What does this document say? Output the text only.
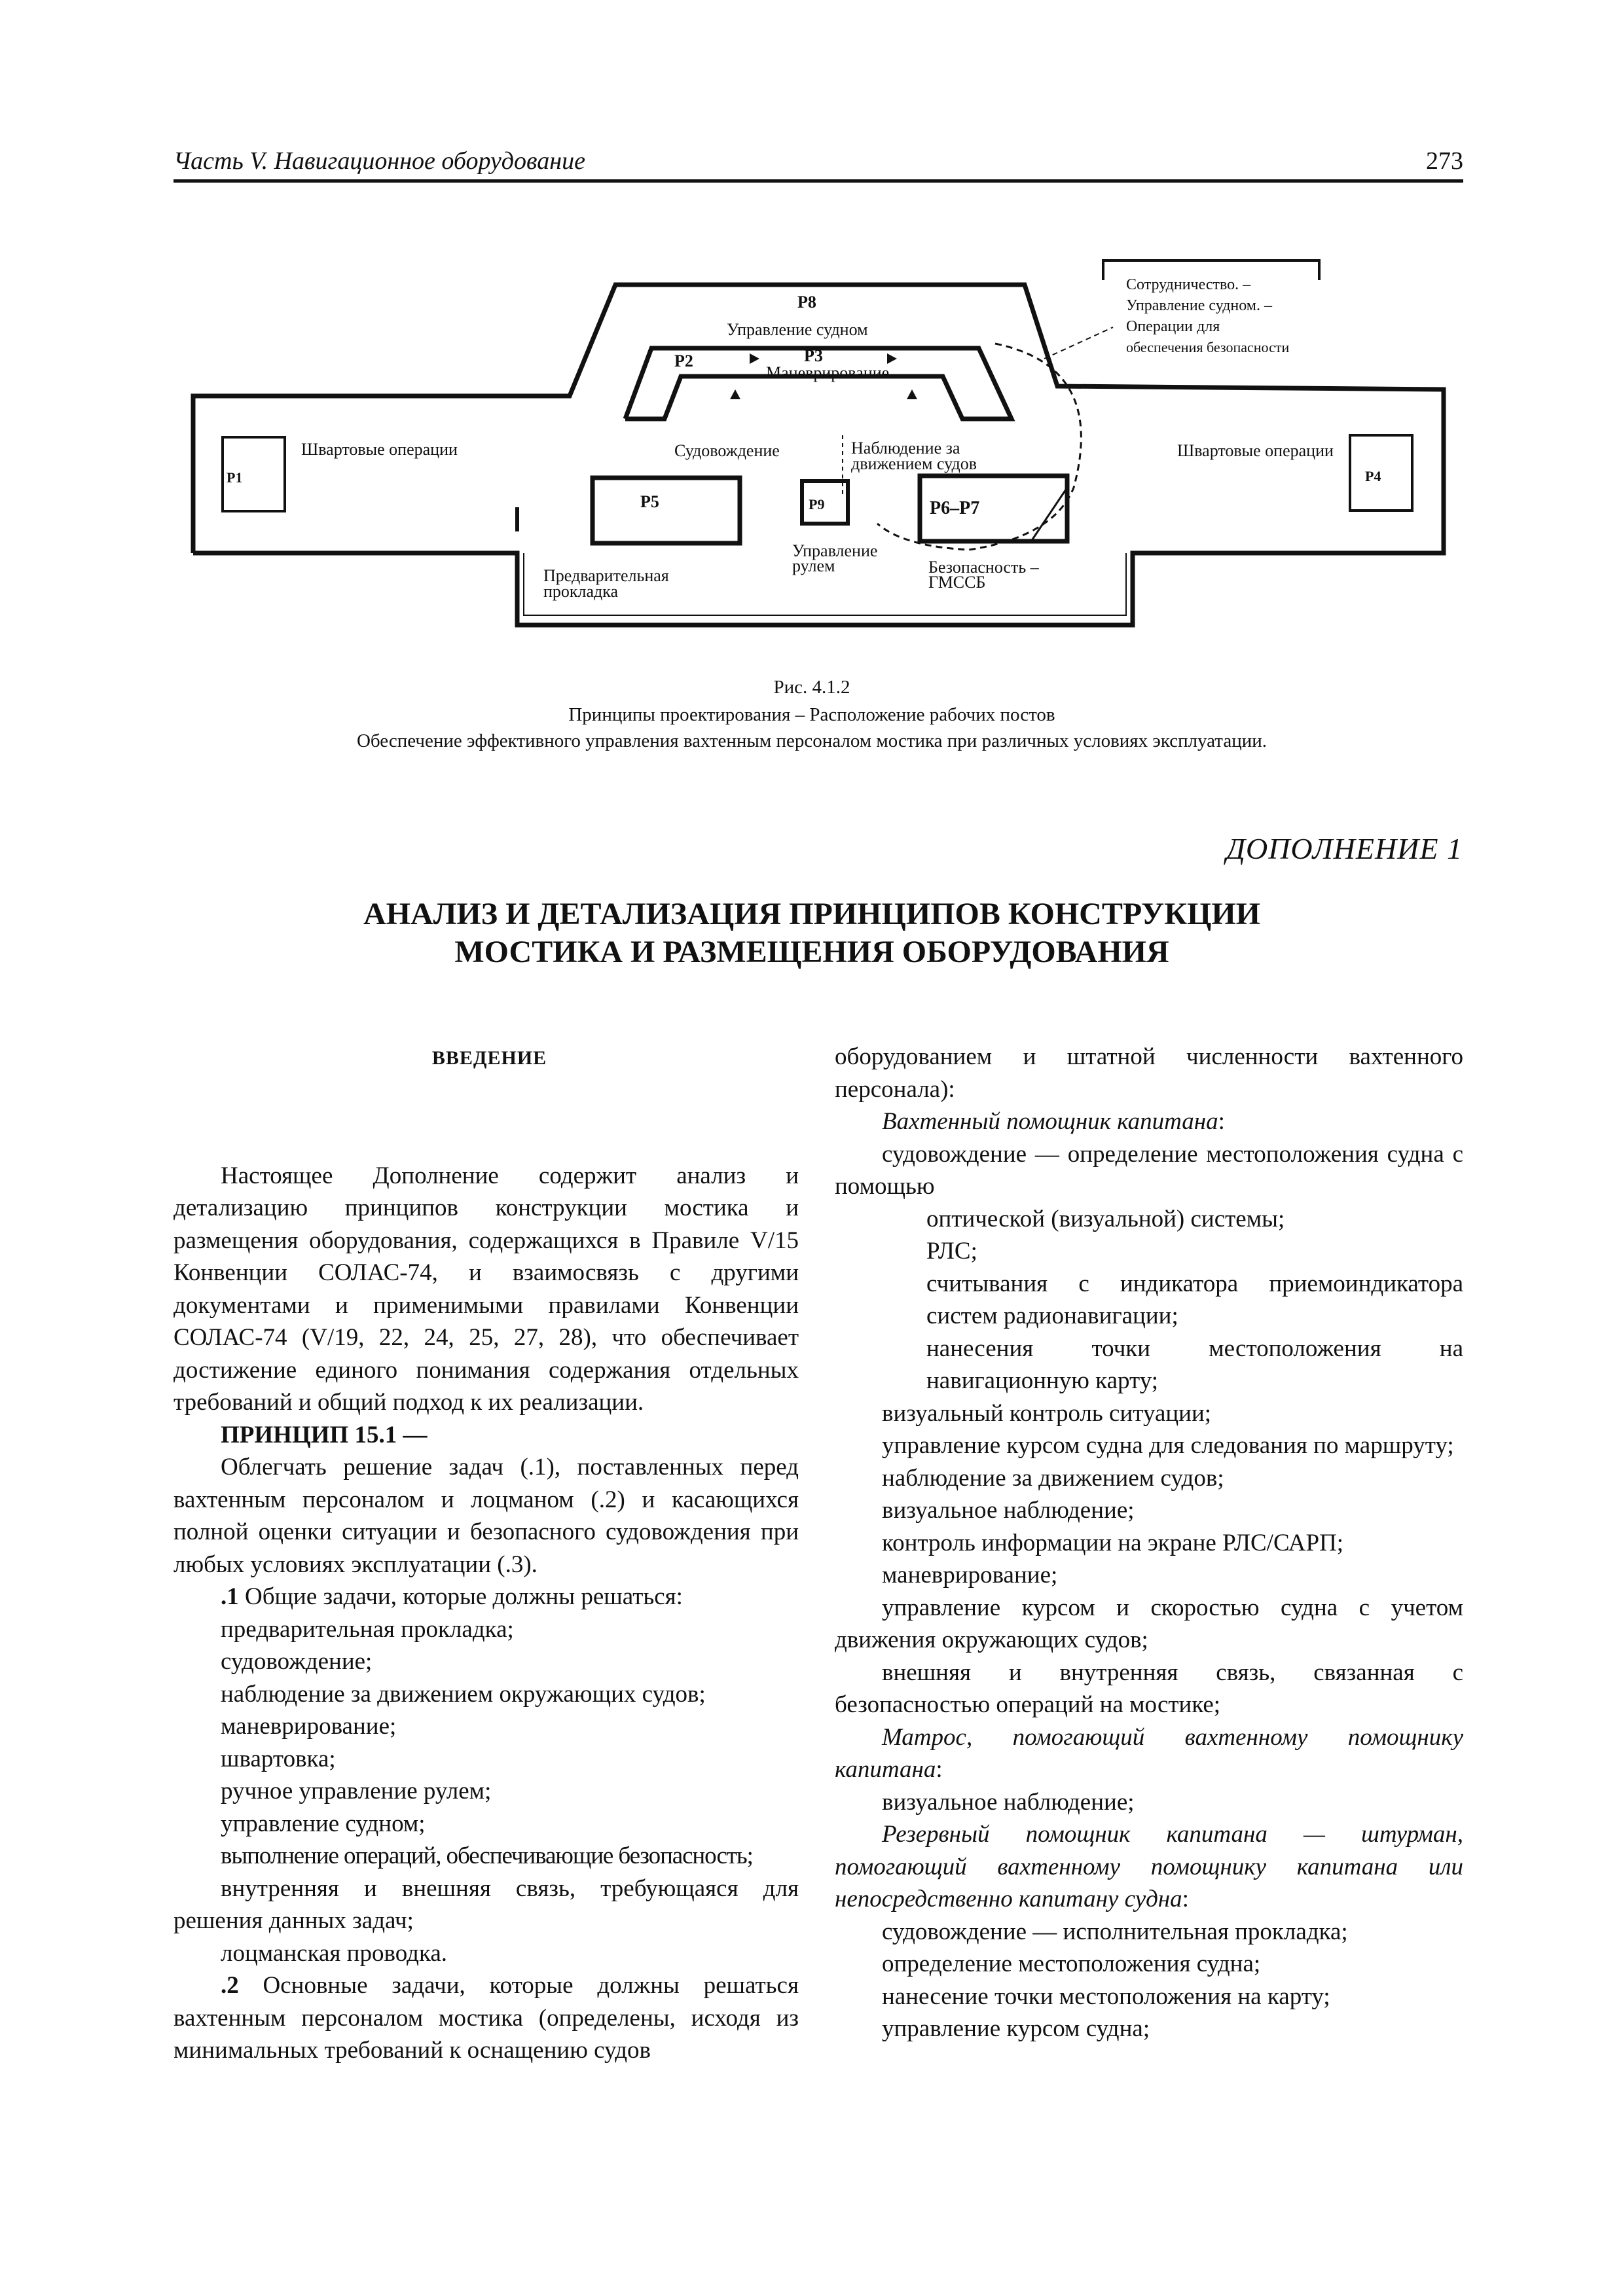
Часть V. Навигационное оборудование	273
Сотрудничество. –
Управление судном. –
Операции для
обеспечения безопасности
Р8
Управление судном
Р2	Р3
Маневрирование
Швартовые операции
Р1
Судовождение	Наблюдение за
движением судов
Швартовые операции
Р4
Р5	Р9	Р6–Р7
Управление
рулем	Безопасность –
ГМССБ
Предварительная
прокладка
Рис. 4.1.2
Принципы проектирования – Расположение рабочих постов
Обеспечение эффективного управления вахтенным персоналом мостика при различных условиях эксплуатации.
ДОПОЛНЕНИЕ 1
АНАЛИЗ И ДЕТАЛИЗАЦИЯ ПРИНЦИПОВ КОНСТРУКЦИИ
МОСТИКА И РАЗМЕЩЕНИЯ ОБОРУДОВАНИЯ

ВВЕДЕНИЕ

Настоящее Дополнение содержит анализ и детализацию принципов конструкции мостика и размещения оборудования, содержащихся в Правиле V/15 Конвенции СОЛАС-74, и взаимосвязь с другими документами и применимыми правилами Конвенции СОЛАС-74 (V/19, 22, 24, 25, 27, 28), что обеспечивает достижение единого понимания содержания отдельных требований и общий подход к их реализации.

ПРИНЦИП 15.1 —

Облегчать решение задач (.1), поставленных перед вахтенным персоналом и лоцманом (.2) и касающихся полной оценки ситуации и безопасного судовождения при любых условиях эксплуатации (.3).

.1 Общие задачи, которые должны решаться:

предварительная прокладка;

судовождение;

наблюдение за движением окружающих судов;

маневрирование;

швартовка;

ручное управление рулем;

управление судном;

выполнение операций, обеспечивающие безопасность;

внутренняя и внешняя связь, требующаяся для решения данных задач;

лоцманская проводка.

.2 Основные задачи, которые должны решаться вахтенным персоналом мостика (определены, исходя из минимальных требований к оснащению судов

оборудованием и штатной численности вахтенного персонала):

Вахтенный помощник капитана:

судовождение — определение местоположения судна с помощью

оптической (визуальной) системы;

РЛС;

считывания с индикатора приемоиндикатора систем радионавигации;

нанесения точки местоположения на навигационную карту;

визуальный контроль ситуации;

управление курсом судна для следования по маршруту;

наблюдение за движением судов;

визуальное наблюдение;

контроль информации на экране РЛС/САРП;

маневрирование;

управление курсом и скоростью судна с учетом движения окружающих судов;

внешняя и внутренняя связь, связанная с безопасностью операций на мостике;

Матрос, помогающий вахтенному помощнику капитана:

визуальное наблюдение;

Резервный помощник капитана — штурман, помогающий вахтенному помощнику капитана или непосредственно капитану судна:

судовождение — исполнительная прокладка;

определение местоположения судна;

нанесение точки местоположения на карту;

управление курсом судна;
